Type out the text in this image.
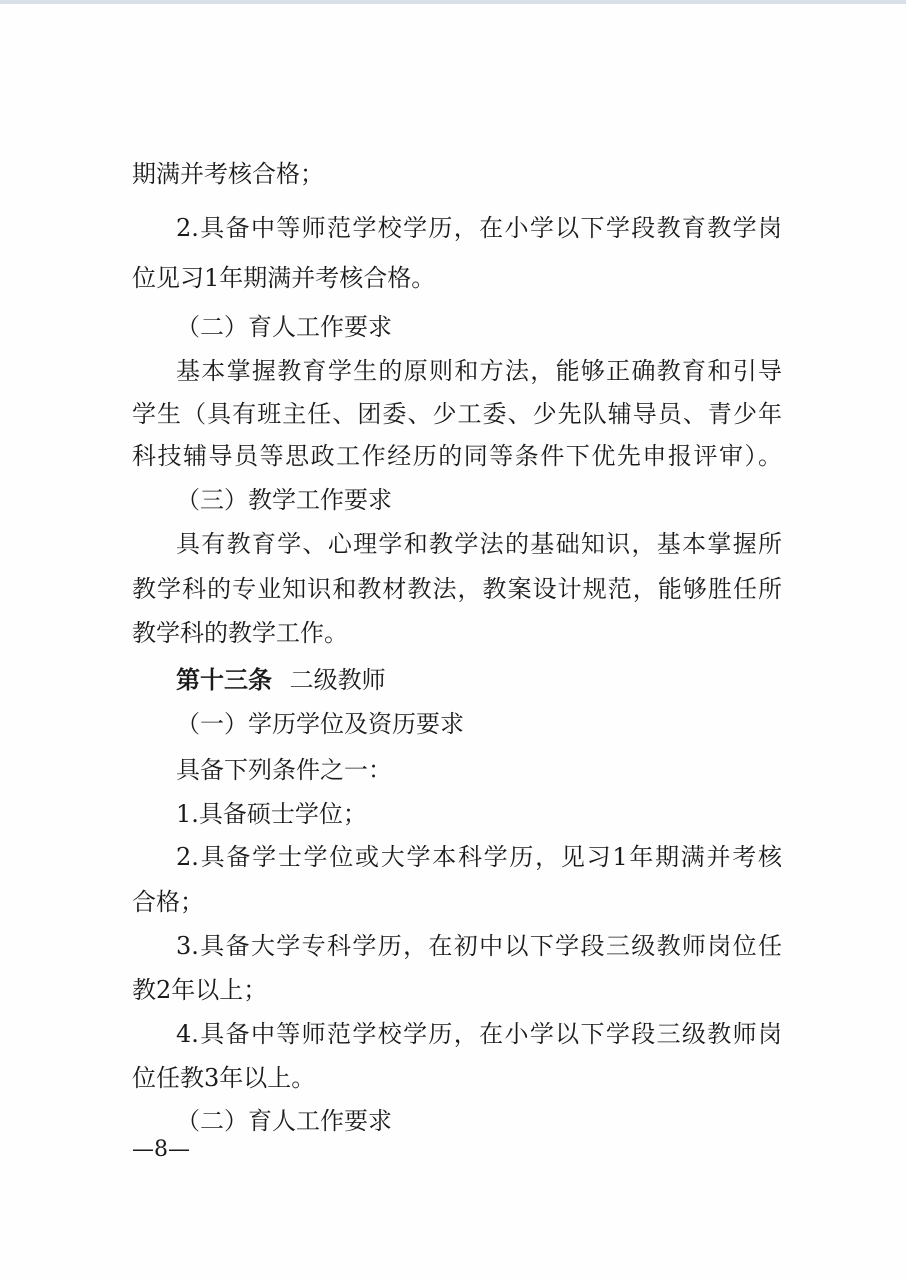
期满并考核合格；
2.具备中等师范学校学历，在小学以下学段教育教学岗
位见习1年期满并考核合格。
（二）育人工作要求
基本掌握教育学生的原则和方法，能够正确教育和引导
学生（具有班主任、团委、少工委、少先队辅导员、青少年
科技辅导员等思政工作经历的同等条件下优先申报评审）。
（三）教学工作要求
具有教育学、心理学和教学法的基础知识，基本掌握所
教学科的专业知识和教材教法，教案设计规范，能够胜任所
教学科的教学工作。
第十三条 二级教师
（一）学历学位及资历要求
具备下列条件之一：
1.具备硕士学位；
2.具备学士学位或大学本科学历，见习1年期满并考核
合格；
3.具备大学专科学历，在初中以下学段三级教师岗位任
教2年以上；
4.具备中等师范学校学历，在小学以下学段三级教师岗
位任教3年以上。
（二）育人工作要求
—8—
